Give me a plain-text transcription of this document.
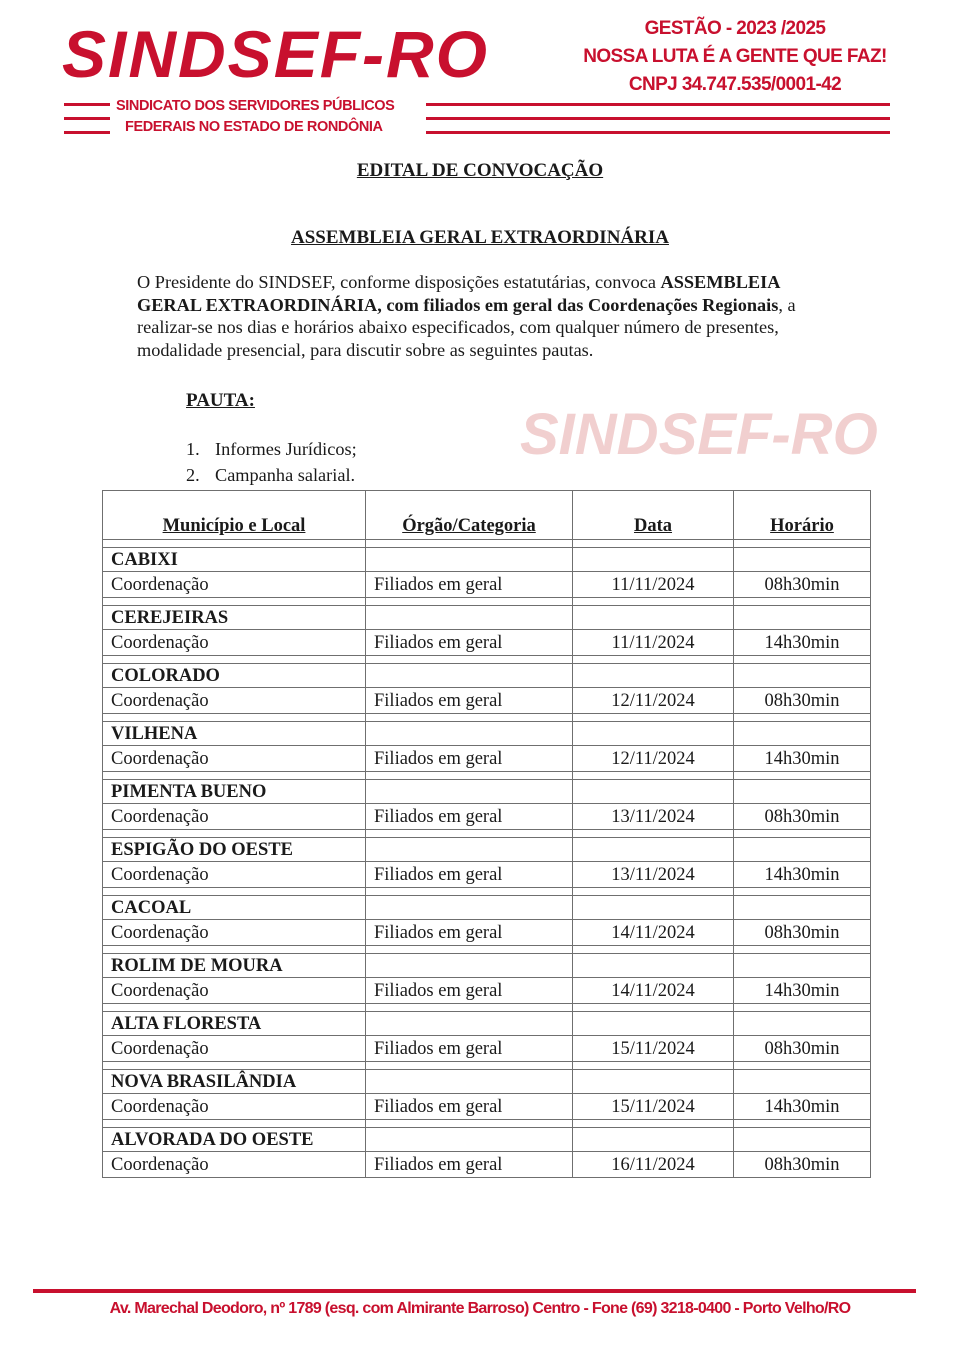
SINDSEF-RO
SINDICATO DOS SERVIDORES PÚBLICOS
FEDERAIS NO ESTADO DE RONDÔNIA
GESTÃO - 2023 /2025
NOSSA LUTA É A GENTE QUE FAZ!
CNPJ 34.747.535/0001-42
SINDSEF-RO
EDITAL DE CONVOCAÇÃO
ASSEMBLEIA GERAL EXTRAORDINÁRIA
O Presidente do SINDSEF, conforme disposições estatutárias, convoca ASSEMBLEIA GERAL EXTRAORDINÁRIA, com filiados em geral das Coordenações Regionais, a realizar-se nos dias e horários abaixo especificados, com qualquer número de presentes, modalidade presencial, para discutir sobre as seguintes pautas.
PAUTA:
1. Informes Jurídicos;
2. Campanha salarial.
Município e Local	Órgão/Categoria	Data	Horário

CABIXI			
Coordenação	Filiados em geral	11/11/2024	08h30min

CEREJEIRAS			
Coordenação	Filiados em geral	11/11/2024	14h30min

COLORADO			
Coordenação	Filiados em geral	12/11/2024	08h30min

VILHENA			
Coordenação	Filiados em geral	12/11/2024	14h30min

PIMENTA BUENO			
Coordenação	Filiados em geral	13/11/2024	08h30min

ESPIGÃO DO OESTE			
Coordenação	Filiados em geral	13/11/2024	14h30min

CACOAL			
Coordenação	Filiados em geral	14/11/2024	08h30min

ROLIM DE MOURA			
Coordenação	Filiados em geral	14/11/2024	14h30min

ALTA FLORESTA			
Coordenação	Filiados em geral	15/11/2024	08h30min

NOVA BRASILÂNDIA			
Coordenação	Filiados em geral	15/11/2024	14h30min

ALVORADA DO OESTE			
Coordenação	Filiados em geral	16/11/2024	08h30min
Av. Marechal Deodoro, nº 1789 (esq. com Almirante Barroso) Centro - Fone (69) 3218-0400 - Porto Velho/RO
